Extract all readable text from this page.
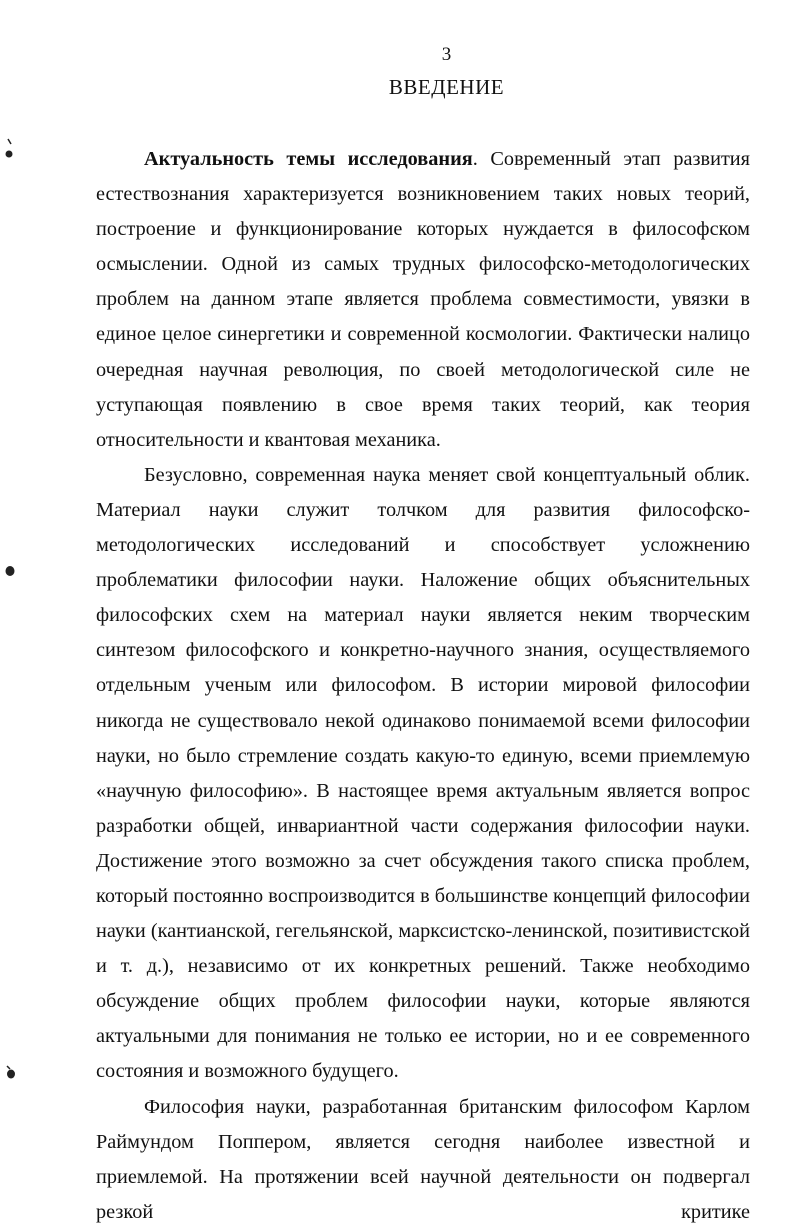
3
ВВЕДЕНИЕ

Актуальность темы исследования. Современный этап развития естествознания характеризуется возникновением таких новых теорий, построение и функционирование которых нуждается в философском осмыслении. Одной из самых трудных философско-методологических проблем на данном этапе является проблема совместимости, увязки в единое целое синергетики и современной космологии. Фактически налицо очередная научная революция, по своей методологической силе не уступающая появлению в свое время таких теорий, как теория относительности и квантовая механика.

Безусловно, современная наука меняет свой концептуальный облик. Материал науки служит толчком для развития философско-методологических исследований и способствует усложнению проблематики философии науки. Наложение общих объяснительных философских схем на материал науки является неким творческим синтезом философского и конкретно-научного знания, осуществляемого отдельным ученым или философом. В истории мировой философии никогда не существовало некой одинаково понимаемой всеми философии науки, но было стремление создать какую-то единую, всеми приемлемую «научную философию». В настоящее время актуальным является вопрос разработки общей, инвариантной части содержания философии науки. Достижение этого возможно за счет обсуждения такого списка проблем, который постоянно воспроизводится в большинстве концепций философии науки (кантианской, гегельянской, марксистско-ленинской, позитивистской и т. д.), независимо от их конкретных решений. Также необходимо обсуждение общих проблем философии науки, которые являются актуальными для понимания не только ее истории, но и ее современного состояния и возможного будущего.

Философия науки, разработанная британским философом Карлом Раймундом Поппером, является сегодня наиболее известной и приемлемой. На протяжении всей научной деятельности он подвергал резкой критике
